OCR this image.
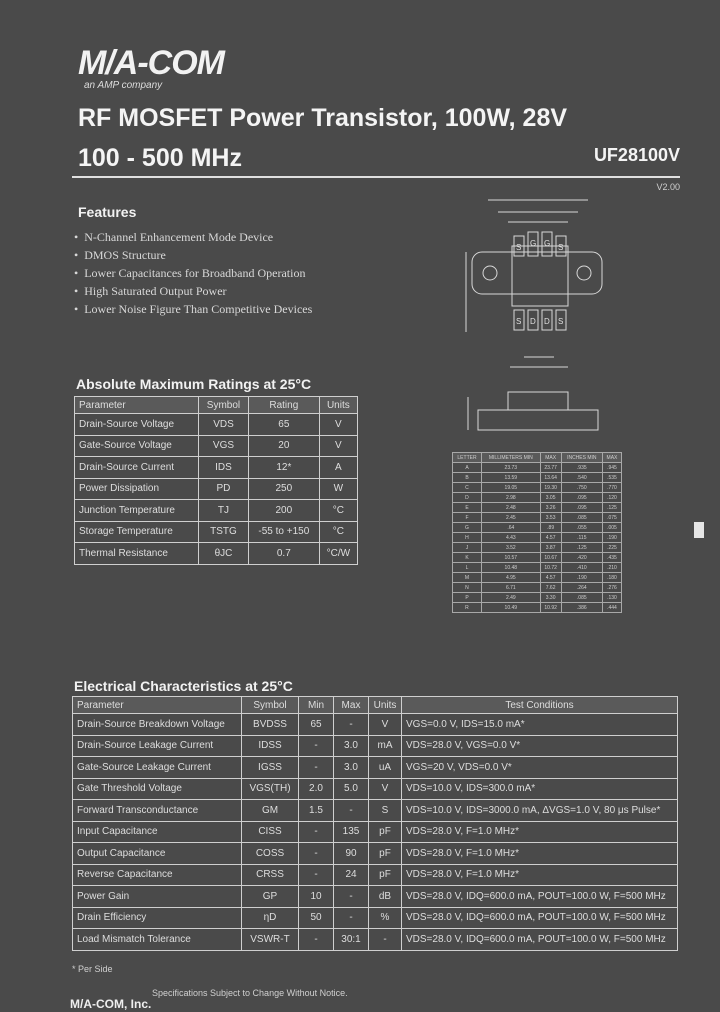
M/A-COM
an AMP company
RF MOSFET Power Transistor, 100W, 28V
100 - 500 MHz	UF28100V
V2.00
Features
• N-Channel Enhancement Mode Device
• DMOS Structure
• Lower Capacitances for Broadband Operation
• High Saturated Output Power
• Lower Noise Figure Than Competitive Devices
S G G S
S D D S
Absolute Maximum Ratings at 25°C
Parameter	Symbol	Rating	Units
Drain-Source Voltage	VDS	65	V
Gate-Source Voltage	VGS	20	V
Drain-Source Current	IDS	12*	A
Power Dissipation	PD	250	W
Junction Temperature	TJ	200	°C
Storage Temperature	TSTG	-55 to +150	°C
Thermal Resistance	θJC	0.7	°C/W
LETTER	MILLIMETERS MIN	MAX	INCHES MIN	MAX
A	23.73	23.77	.935	.945
B	13.59	13.64	.540	.535
C	19.05	19.30	.750	.770
D	2.98	3.05	.095	.120
E	2.48	3.26	.095	.125
F	2.45	3.53	.085	.075
G	.64	.89	.055	.005
H	4.43	4.57	.115	.190
J	3.52	3.87	.125	.225
K	10.57	10.67	.420	.435
L	10.48	10.72	.410	.210
M	4.95	4.57	.190	.180
N	6.71	7.62	.264	.276
P	2.49	3.30	.085	.130
R	10.49	10.92	.386	.444
Electrical Characteristics at 25°C
Parameter	Symbol	Min	Max	Units	Test Conditions
Drain-Source Breakdown Voltage	BVDSS	65	-	V	VGS=0.0 V, IDS=15.0 mA*
Drain-Source Leakage Current	IDSS	-	3.0	mA	VDS=28.0 V, VGS=0.0 V*
Gate-Source Leakage Current	IGSS	-	3.0	uA	VGS=20 V, VDS=0.0 V*
Gate Threshold Voltage	VGS(TH)	2.0	5.0	V	VDS=10.0 V, IDS=300.0 mA*
Forward Transconductance	GM	1.5	-	S	VDS=10.0 V, IDS=3000.0 mA, ΔVGS=1.0 V, 80 μs Pulse*
Input Capacitance	CISS	-	135	pF	VDS=28.0 V, F=1.0 MHz*
Output Capacitance	COSS	-	90	pF	VDS=28.0 V, F=1.0 MHz*
Reverse Capacitance	CRSS	-	24	pF	VDS=28.0 V, F=1.0 MHz*
Power Gain	GP	10	-	dB	VDS=28.0 V, IDQ=600.0 mA, POUT=100.0 W, F=500 MHz
Drain Efficiency	ηD	50	-	%	VDS=28.0 V, IDQ=600.0 mA, POUT=100.0 W, F=500 MHz
Load Mismatch Tolerance	VSWR-T	-	30:1	-	VDS=28.0 V, IDQ=600.0 mA, POUT=100.0 W, F=500 MHz
* Per Side
Specifications Subject to Change Without Notice.
M/A-COM, Inc.
